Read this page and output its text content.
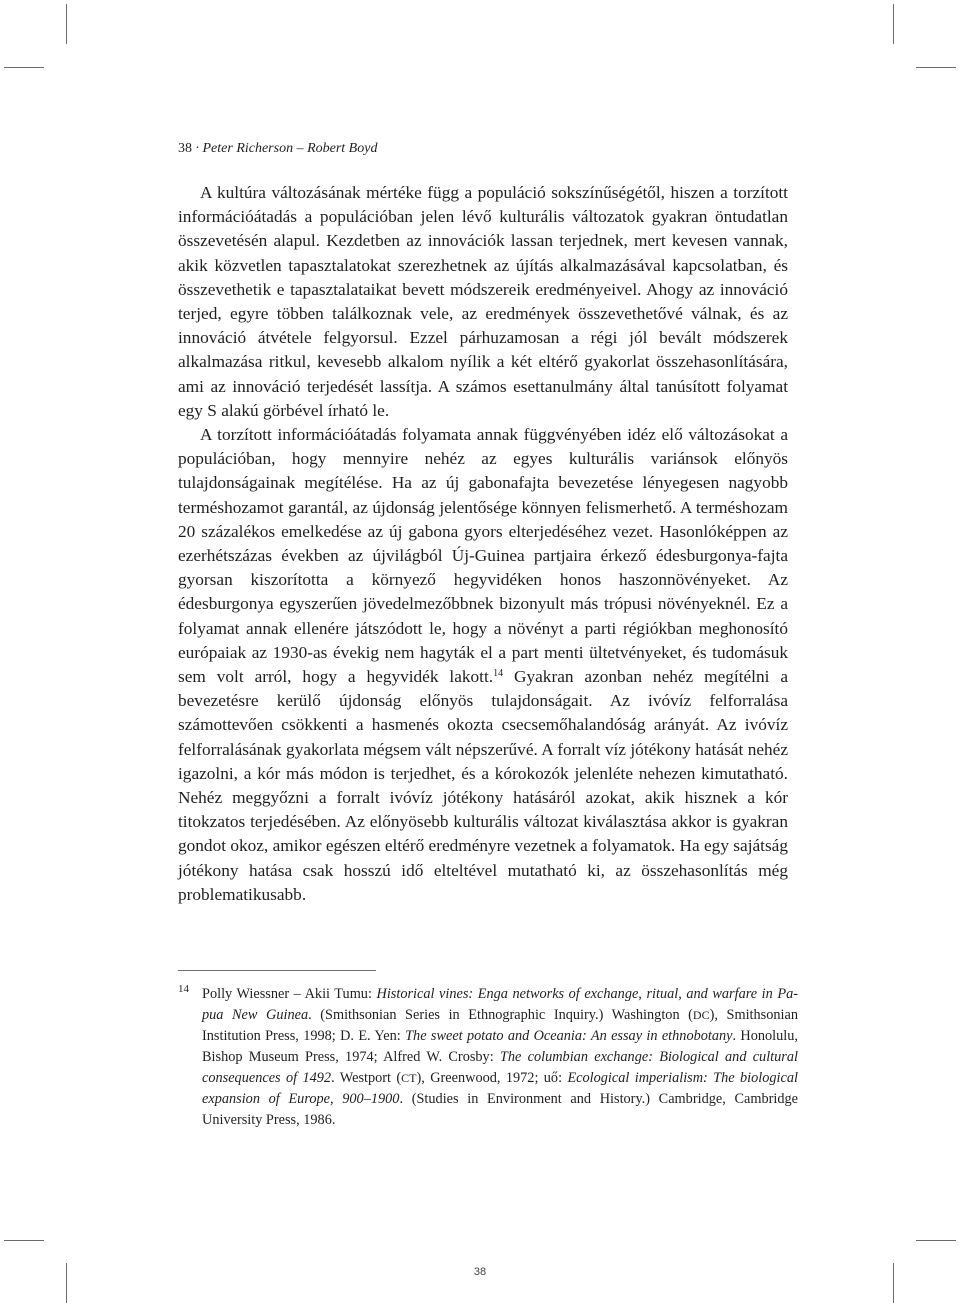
38 · Peter Richerson – Robert Boyd

A kultúra változásának mértéke függ a populáció sokszínűségétől, hiszen a torzított információátadás a populációban jelen lévő kulturális változatok gyakran öntudatlan összevetésén alapul. Kezdetben az innovációk lassan terjednek, mert kevesen vannak, akik közvetlen tapasztalatokat szerezhetnek az újítás alkalmazásával kapcsolatban, és összevethetik e tapasztalataikat bevett módszereik eredményeivel. Ahogy az innováció terjed, egyre többen találkoznak vele, az eredmények összevethetővé válnak, és az innováció átvétele felgyorsul. Ezzel párhuzamosan a régi jól bevált módszerek alkalmazása ritkul, kevesebb alkalom nyílik a két eltérő gyakorlat összehasonlítására, ami az innováció terjedését lassítja. A számos esettanulmány által tanúsított folyamat egy S alakú görbével írható le.

A torzított információátadás folyamata annak függvényében idéz elő változásokat a populációban, hogy mennyire nehéz az egyes kulturális variánsok előnyös tulajdonságainak megítélése. Ha az új gabonafajta bevezetése lényegesen nagyobb terméshozamot garantál, az újdonság jelentősége könnyen felismerhető. A terméshozam 20 százalékos emelkedése az új gabona gyors elterjedéséhez vezet. Hasonlóképpen az ezerhétszázas években az újvilágból Új-Guinea partjaira érkező édesburgonya-fajta gyorsan kiszorította a környező hegyvidéken honos haszonnövényeket. Az édesburgonya egyszerűen jövedelmezőbbnek bizonyult más trópusi növényeknél. Ez a folyamat annak ellenére játszódott le, hogy a növényt a parti régiókban meghonosító európaiak az 1930-as évekig nem hagyták el a part menti ültetvényeket, és tudomásuk sem volt arról, hogy a hegyvidék lakott.$^{14}$ Gyakran azonban nehéz megítélni a bevezetésre kerülő újdonság előnyös tulajdonságait. Az ivóvíz felforralása számottevően csökkenti a hasmenés okozta csecsemőhalandóság arányát. Az ivóvíz felforralásának gyakorlata mégsem vált népszerűvé. A forralt víz jótékony hatását nehéz igazolni, a kór más módon is terjedhet, és a kórokozók jelenléte nehezen kimutatható. Nehéz meggyőzni a forralt ivóvíz jótékony hatásáról azokat, akik hisznek a kór titokzatos terjedésében. Az előnyösebb kulturális változat kiválasztása akkor is gyakran gondot okoz, amikor egészen eltérő eredményre vezetnek a folyamatok. Ha egy sajátság jótékony hatása csak hosszú idő elteltével mutatható ki, az összehasonlítás még problematikusabb.

14 Polly Wiessner – Akii Tumu: Historical vines: Enga networks of exchange, ritual, and warfare in Papua New Guinea. (Smithsonian Series in Ethnographic Inquiry.) Washington (DC), Smithsonian Institution Press, 1998; D. E. Yen: The sweet potato and Oceania: An essay in ethnobotany. Honolulu, Bishop Museum Press, 1974; Alfred W. Crosby: The columbian exchange: Biological and cultural consequences of 1492. Westport (CT), Greenwood, 1972; uő: Ecological imperialism: The biological expansion of Europe, 900–1900. (Studies in Environment and History.) Cambridge, Cambridge University Press, 1986.
38
